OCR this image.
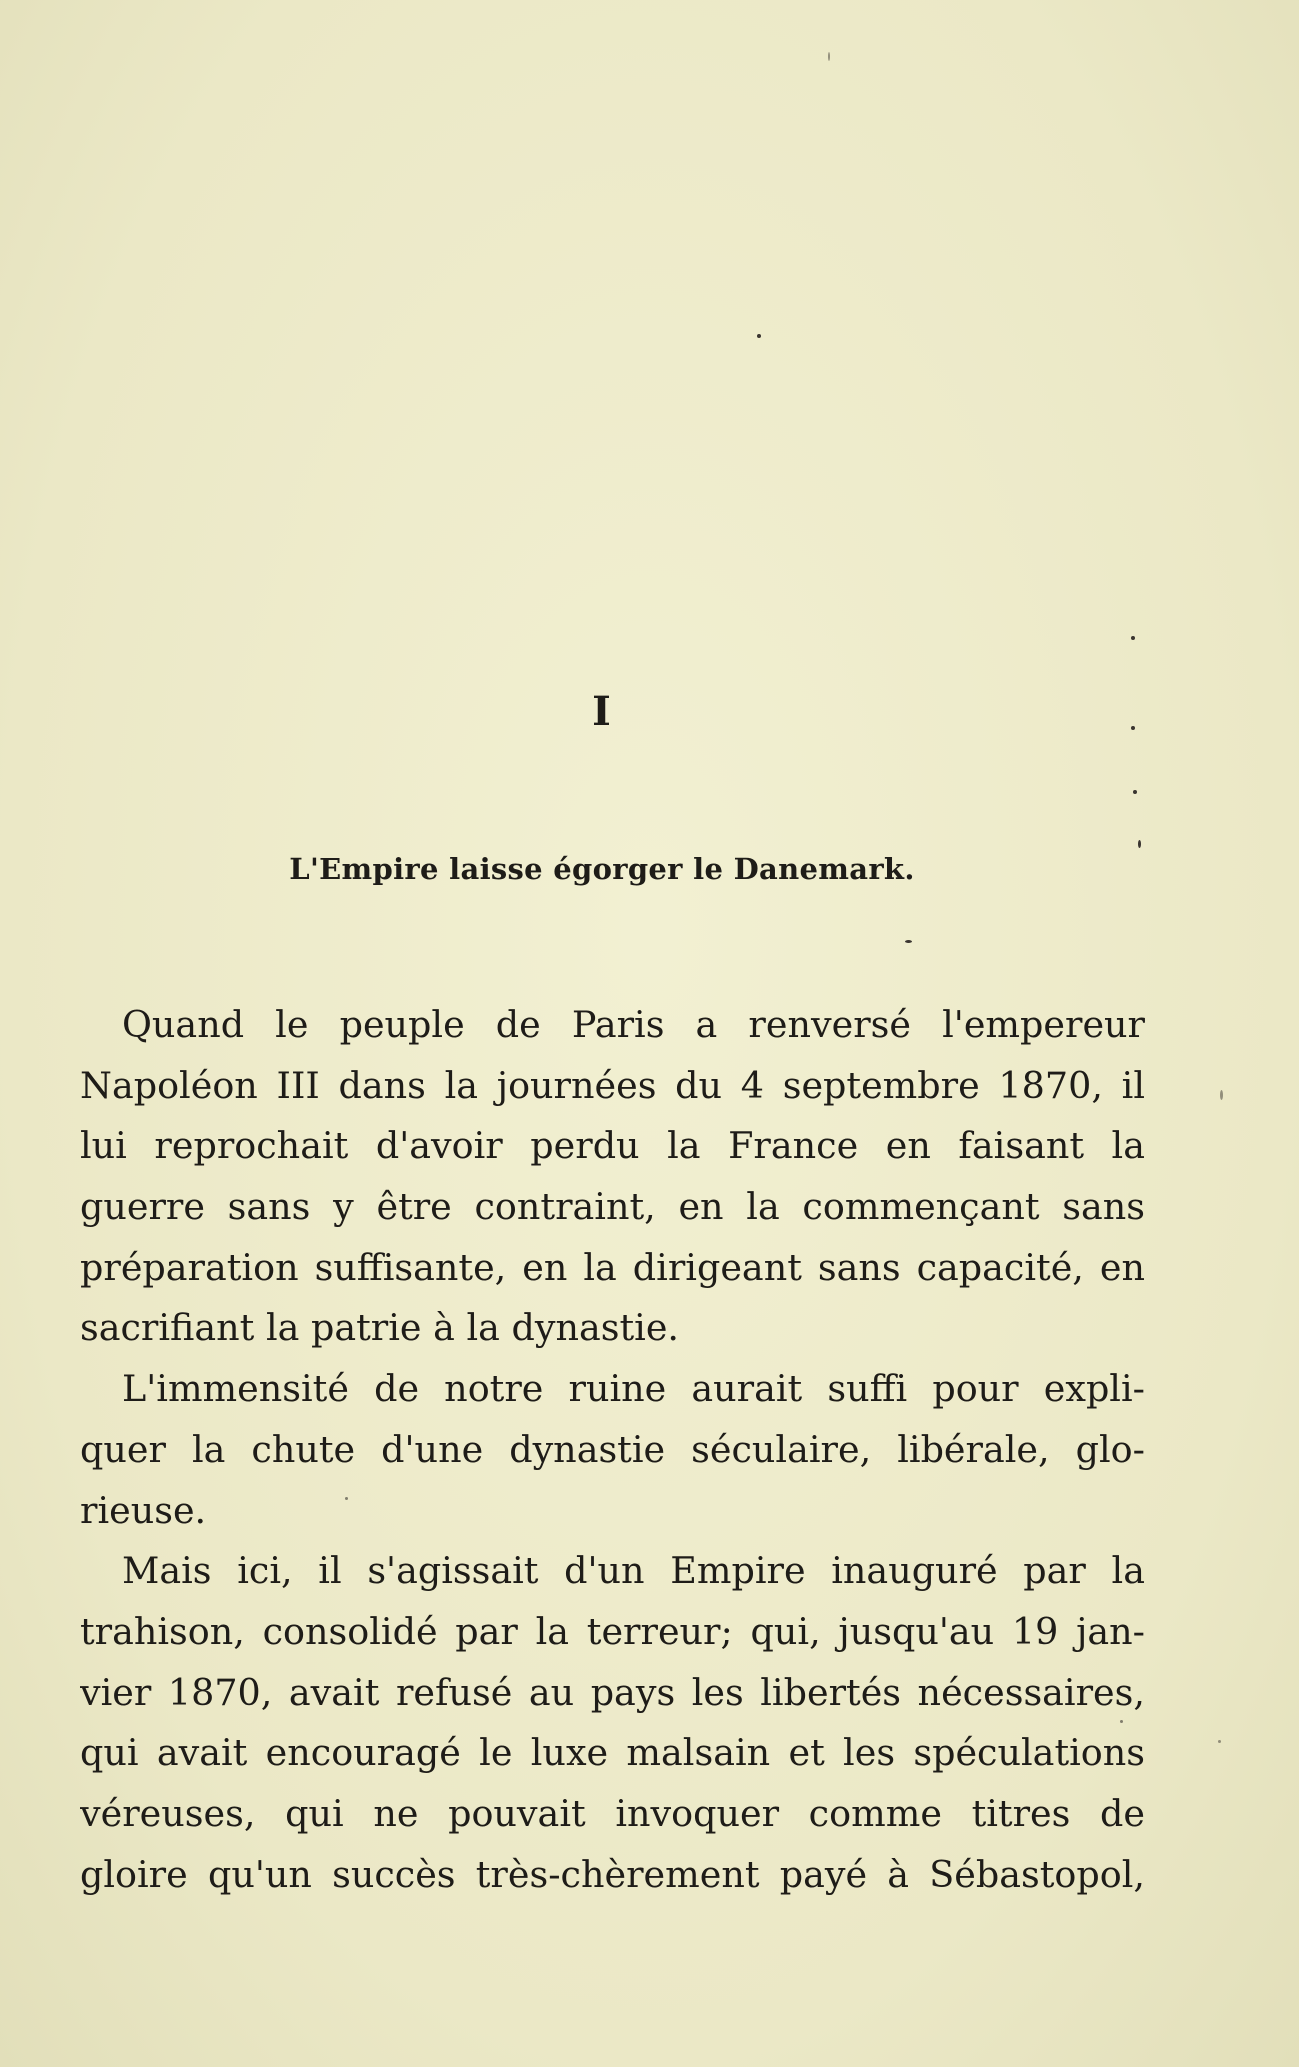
I
L'Empire laisse égorger le Danemark.
Quand le peuple de Paris a renversé l'empereur
Napoléon III dans la journées du 4 septembre 1870, il
lui reprochait d'avoir perdu la France en faisant la
guerre sans y être contraint, en la commençant sans
préparation suffisante, en la dirigeant sans capacité, en
sacrifiant la patrie à la dynastie.
L'immensité de notre ruine aurait suffi pour expli-
quer la chute d'une dynastie séculaire, libérale, glo-
rieuse.
Mais ici, il s'agissait d'un Empire inauguré par la
trahison, consolidé par la terreur; qui, jusqu'au 19 jan-
vier 1870, avait refusé au pays les libertés nécessaires,
qui avait encouragé le luxe malsain et les spéculations
véreuses, qui ne pouvait invoquer comme titres de
gloire qu'un succès très-chèrement payé à Sébastopol,
